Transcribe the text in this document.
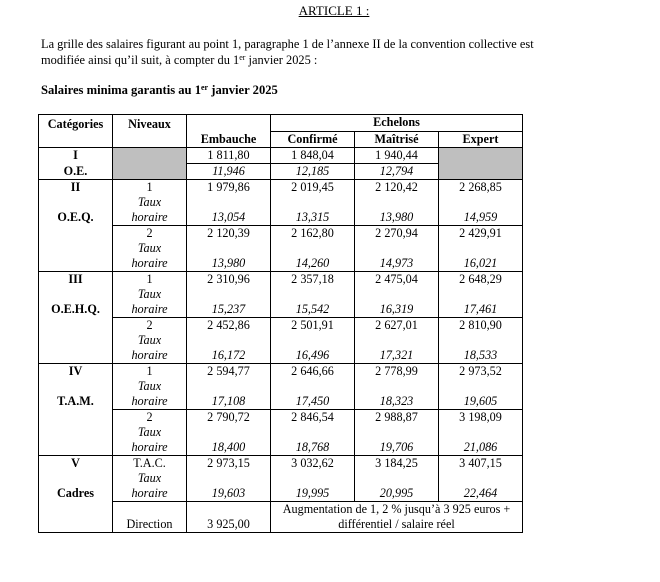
ARTICLE 1 :
La grille des salaires figurant au point 1, paragraphe 1 de l’annexe II de la convention collective est
modifiée ainsi qu’il suit, à compter du 1er janvier 2025 :
Salaires minima garantis au 1er janvier 2025
Catégories	Niveaux	Embauche	Echelons		
			Confirmé	Maîtrisé	Expert
I		1 811,80	1 848,04	1 940,44	
O.E.		11,946	12,185	12,794	

II
O.E.Q.	1	1 979,86	2 019,45	2 120,42	2 268,85
	Taux				
	horaire	13,054	13,315	13,980	14,959
	2	2 120,39	2 162,80	2 270,94	2 429,91
	Taux				
	horaire	13,980	14,260	14,973	16,021

III
O.E.H.Q.	1	2 310,96	2 357,18	2 475,04	2 648,29
	Taux				
	horaire	15,237	15,542	16,319	17,461
	2	2 452,86	2 501,91	2 627,01	2 810,90
	Taux				
	horaire	16,172	16,496	17,321	18,533

IV
T.A.M.	1	2 594,77	2 646,66	2 778,99	2 973,52
	Taux				
	horaire	17,108	17,450	18,323	19,605
	2	2 790,72	2 846,54	2 988,87	3 198,09
	Taux				
	horaire	18,400	18,768	19,706	21,086

V
Cadres	T.A.C.	2 973,15	3 032,62	3 184,25	3 407,15
	Taux				
	horaire	19,603	19,995	20,995	22,464
	Direction	3 925,00	Augmentation de 1, 2 % jusqu’à 3 925 euros + différentiel / salaire réel		
